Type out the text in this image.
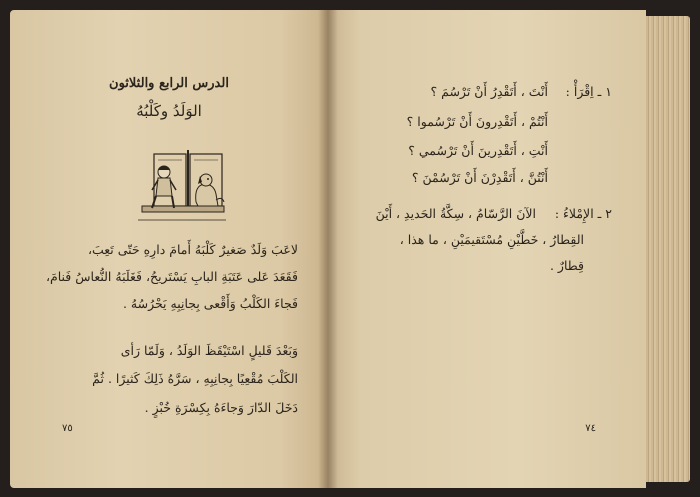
الدرس الرابع والثلاثون
الوَلَدُ وكَلْبُهُ
لاعَبَ وَلَدٌ صَغيرٌ كَلْبَهُ أَمامَ دارِهِ حَتّى تَعِبَ،
فَقَعَدَ عَلى عَتَبَةِ البابِ يَسْتَريحُ، فَغَلَبَهُ النُّعاسُ فَنامَ،
فَجاءَ الكَلْبُ وَأَقْعى بِجانِبِهِ يَحْرُسُهُ .
وَبَعْدَ قَليلٍ اسْتَيْقَظَ الوَلَدُ ، وَلَمّا رَأى
الكَلْبَ مُقْعِيًا بِجانِبِهِ ، سَرَّهُ ذَلِكَ كَثيرًا . ثُمَّ
دَخَلَ الدّارَ وَجاءَهُ بِكِسْرَةِ خُبْزٍ .
٧٥
١ ـ اِقْرَأْ :
أَنْتَ ، أَتَقْدِرُ أَنْ تَرْسُمَ ؟
أَنْتُمْ ، أَتَقْدِرونَ أَنْ تَرْسُموا ؟
أَنْتِ ، أَتَقْدِرينَ أَنْ تَرْسُمي ؟
أَنْتُنَّ ، أَتَقْدِرْنَ أَنْ تَرْسُمْنَ ؟
٢ ـ الإِمْلاءُ :
الآنَ الرَّسّامُ ، سِكَّةُ الحَديدِ ، أَيْنَ
القِطارُ ، خَطَّيْنِ مُسْتَقيمَيْنِ ، ما هذا ،
قِطارٌ .
٧٤
